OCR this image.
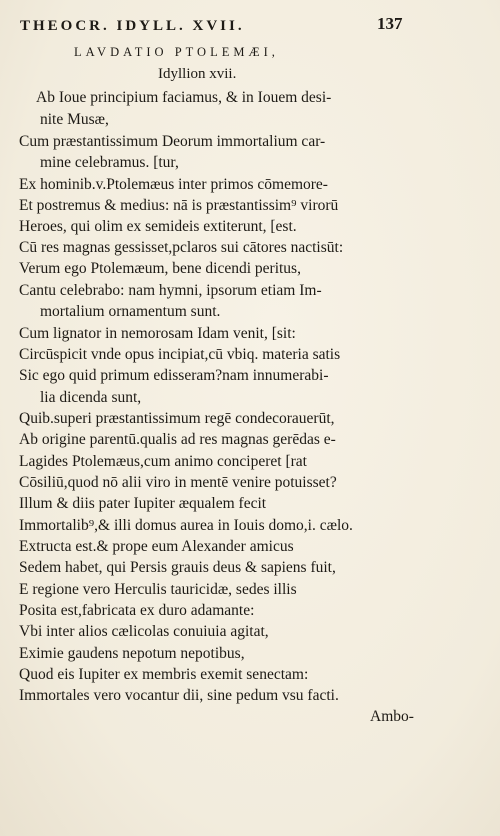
THEOCR. IDYLL. XVII.	137
LAVDATIO PTOLEMÆI,
Idyllion xvii.
Ab Ioue principium faciamus, & in Iouem desi-
nite Musæ,
Cum præstantissimum Deorum immortalium car-
mine celebramus. [tur,
Ex hominib.v.Ptolemæus inter primos cōmemore-
Et postremus & medius: nā is præstantissim⁹ virorū
Heroes, qui olim ex semideis extiterunt, [est.
Cū res magnas gessisset,pclaros sui cātores nactisūt:
Verum ego Ptolemæum, bene dicendi peritus,
Cantu celebrabo: nam hymni, ipsorum etiam Im-
mortalium ornamentum sunt.
Cum lignator in nemorosam Idam venit, [sit:
Circūspicit vnde opus incipiat,cū vbiq. materia satis
Sic ego quid primum edisseram?nam innumerabi-
lia dicenda sunt,
Quib.superi præstantissimum regē condecorauerūt,
Ab origine parentū.qualis ad res magnas gerēdas e-
Lagides Ptolemæus,cum animo conciperet [rat
Cōsiliū,quod nō alii viro in mentē venire potuisset?
Illum & diis pater Iupiter æqualem fecit
Immortalib⁹,& illi domus aurea in Iouis domo,i. cælo.
Extructa est.& prope eum Alexander amicus
Sedem habet, qui Persis grauis deus & sapiens fuit,
E regione vero Herculis tauricidæ, sedes illis
Posita est,fabricata ex duro adamante:
Vbi inter alios cælicolas conuiuia agitat,
Eximie gaudens nepotum nepotibus,
Quod eis Iupiter ex membris exemit senectam:
Immortales vero vocantur dii, sine pedum vsu facti.
Ambo-
